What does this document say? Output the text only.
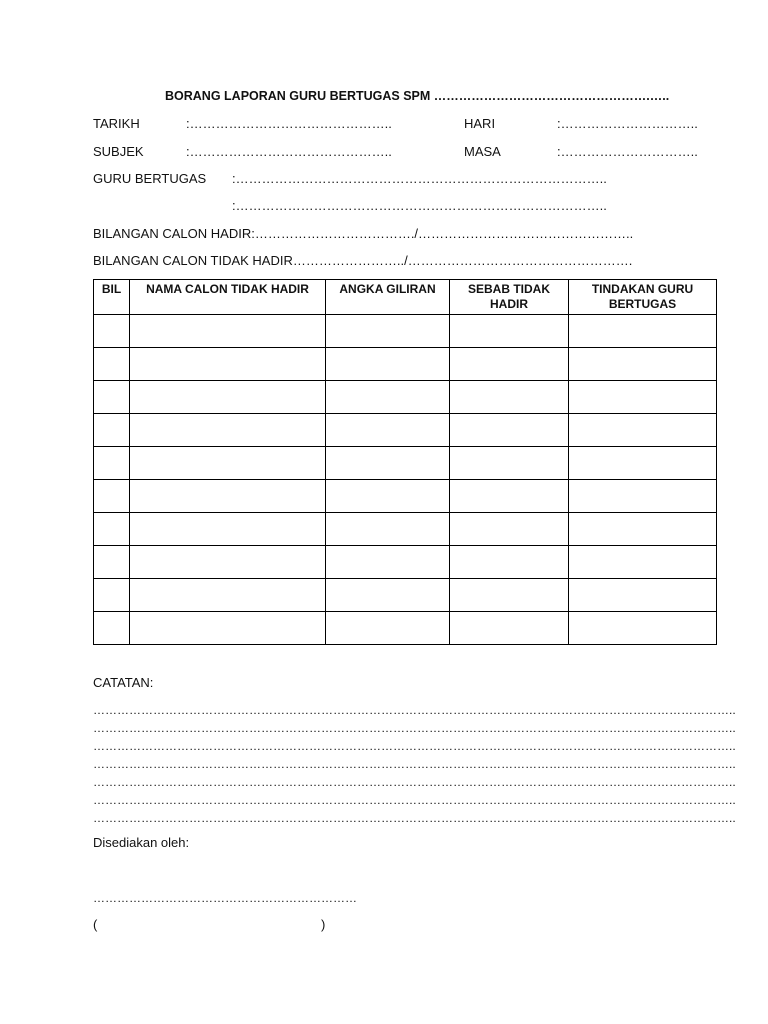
BORANG LAPORAN GURU BERTUGAS SPM …………………………………………….…..
TARIKH	:………………………………………..	HARI	:…………………………..
SUBJEK	:………………………………………..	MASA	:…………………………..
GURU BERTUGAS :…………………………………………………………………………..
:…………………………………………………………………………..
BILANGAN CALON HADIR:………………………………./…………………………………………..
BILANGAN CALON TIDAK HADIR……………………../…………………………………………….
BIL	NAMA CALON TIDAK HADIR	ANGKA GILIRAN	SEBAB TIDAK HADIR	TINDAKAN GURU BERTUGAS

CATATAN:
……………………………………………………………………………………………………………………………………………..
……………………………………………………………………………………………………………………………………………..
……………………………………………………………………………………………………………………………………………..
……………………………………………………………………………………………………………………………………………..
……………………………………………………………………………………………………………………………………………..
……………………………………………………………………………………………………………………………………………..
……………………………………………………………………………………………………………………………………………..
Disediakan oleh:
…………………………………………………………
(	)
